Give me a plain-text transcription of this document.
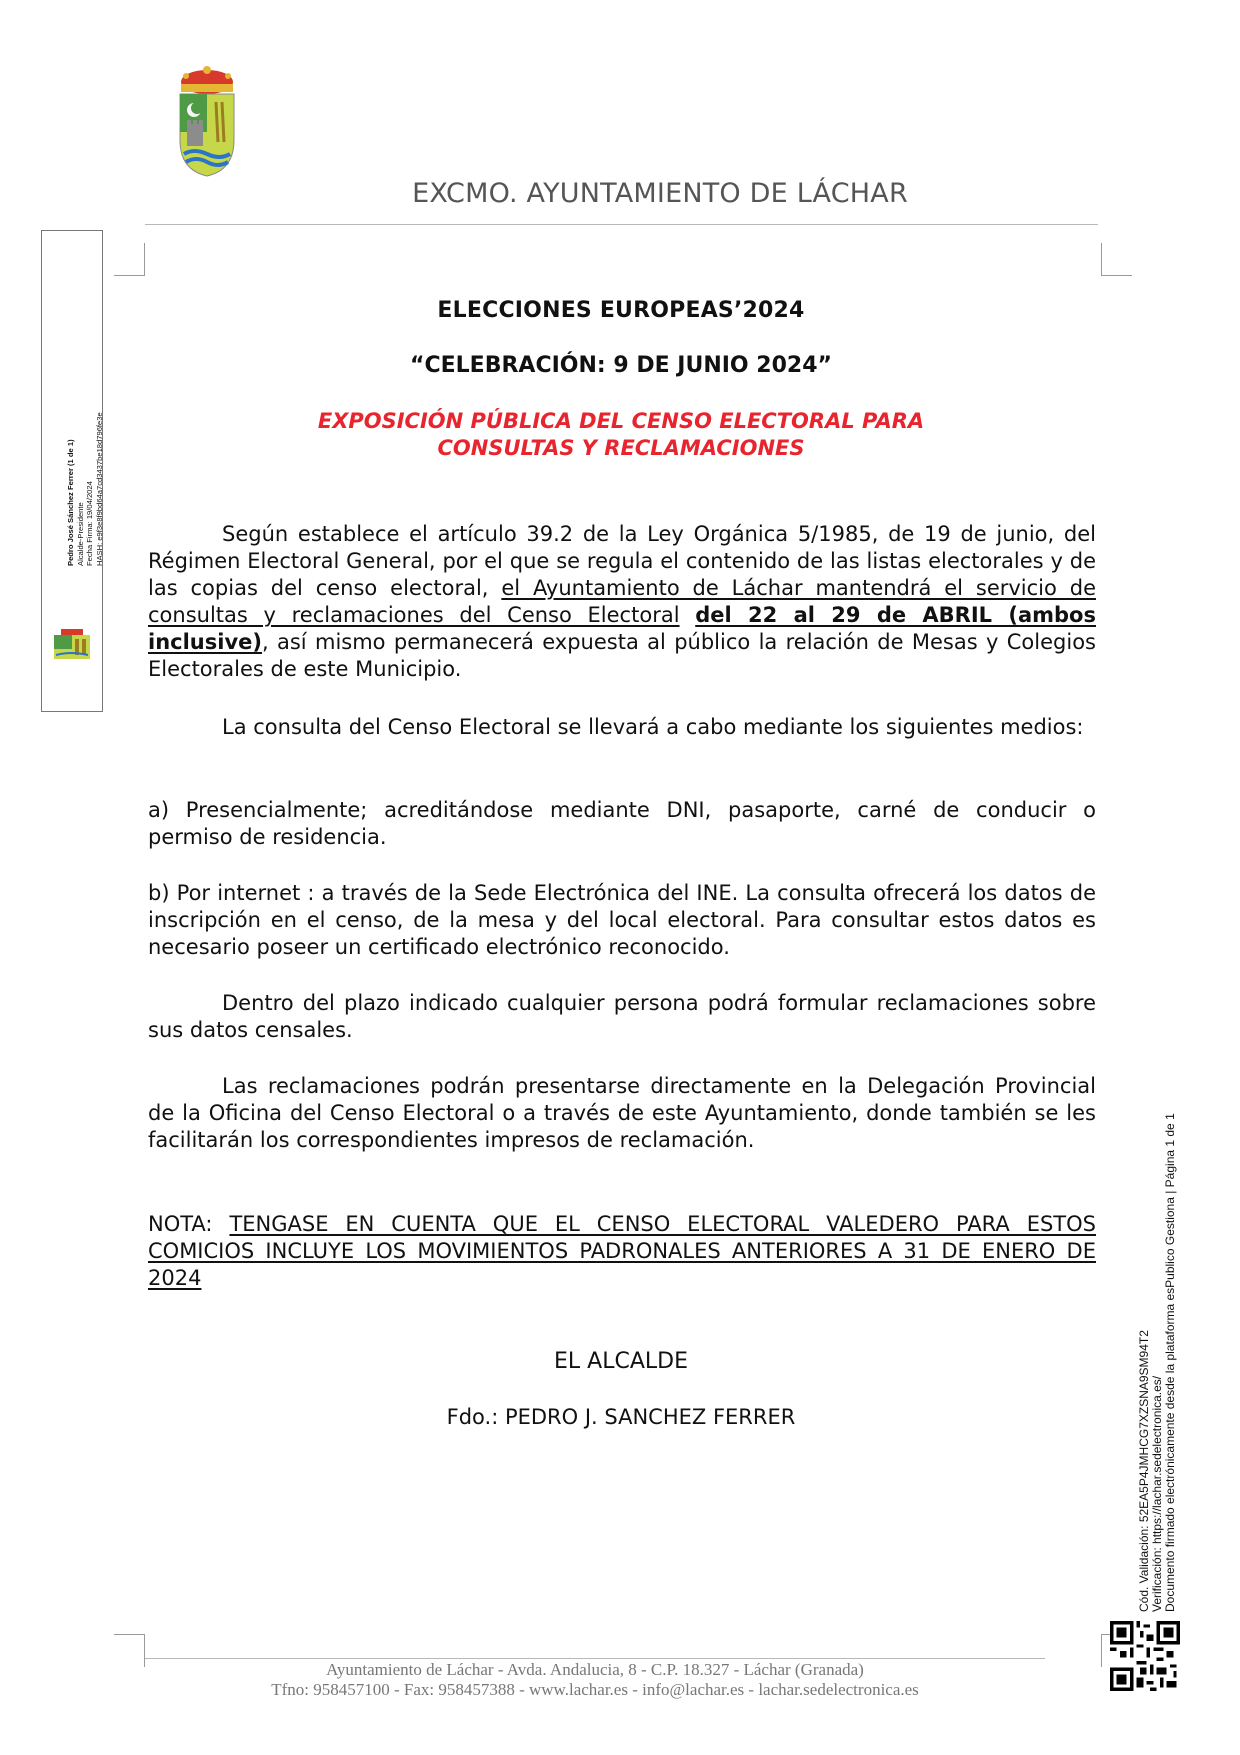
EXCMO. AYUNTAMIENTO DE LÁCHAR
Pedro José Sánchez Ferrer (1 de 1) Alcalde-Presidente Fecha Firma: 19/04/2024 HASH: e9f3e8f9bd64a7cd3437be18d796fe3e
ELECCIONES EUROPEAS’2024
“CELEBRACIÓN: 9 DE JUNIO 2024”
EXPOSICIÓN PÚBLICA DEL CENSO ELECTORAL PARA
CONSULTAS Y RECLAMACIONES
Según establece el artículo 39.2 de la Ley Orgánica 5/1985, de 19 de junio, del Régimen Electoral General, por el que se regula el contenido de las listas electorales y de las copias del censo electoral, el Ayuntamiento de Láchar mantendrá el servicio de consultas y reclamaciones del Censo Electoral del 22 al 29 de ABRIL (ambos inclusive), así mismo permanecerá expuesta al público la relación de Mesas y Colegios Electorales de este Municipio.
La consulta del Censo Electoral se llevará a cabo mediante los siguientes medios:
a) Presencialmente; acreditándose mediante DNI, pasaporte, carné de conducir o permiso de residencia.
b) Por internet : a través de la Sede Electrónica del INE. La consulta ofrecerá los datos de inscripción en el censo, de la mesa y del local electoral. Para consultar estos datos es necesario poseer un certificado electrónico reconocido.
Dentro del plazo indicado cualquier persona podrá formular reclamaciones sobre sus datos censales.
Las reclamaciones podrán presentarse directamente en la Delegación Provincial de la Oficina del Censo Electoral o a través de este Ayuntamiento, donde también se les facilitarán los correspondientes impresos de reclamación.
NOTA: TENGASE EN CUENTA QUE EL CENSO ELECTORAL VALEDERO PARA ESTOS COMICIOS INCLUYE LOS MOVIMIENTOS PADRONALES ANTERIORES A 31 DE ENERO DE 2024
EL ALCALDE
Fdo.: PEDRO J. SANCHEZ FERRER
Ayuntamiento de Láchar - Avda. Andalucia, 8 - C.P. 18.327 - Láchar (Granada)
Tfno: 958457100 - Fax: 958457388 - www.lachar.es - info@lachar.es - lachar.sedelectronica.es
Cód. Validación: 52EA5P4JMHCG7XZSNA9SM94T2 Verificación: https://lachar.sedelectronica.es/ Documento firmado electrónicamente desde la plataforma esPublico Gestiona | Página 1 de 1
